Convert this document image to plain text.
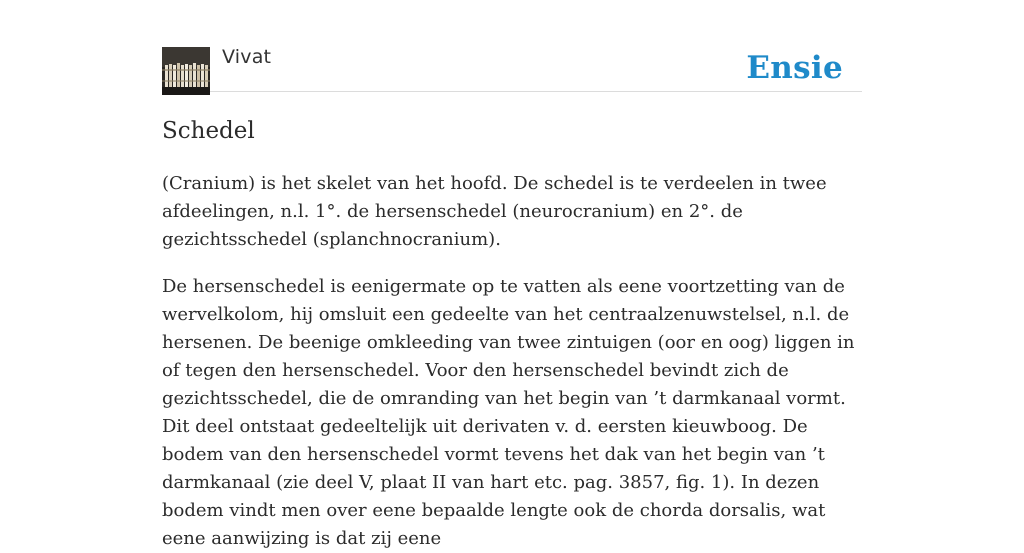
Vivat	Ensie
Schedel

(Cranium) is het skelet van het hoofd. De schedel is te verdeelen in twee afdeelingen, n.l. 1°. de hersenschedel (neurocranium) en 2°. de gezichtsschedel (splanchnocranium).

De hersenschedel is eenigermate op te vatten als eene voortzetting van de wervelkolom, hij omsluit een gedeelte van het centraalzenuwstelsel, n.l. de hersenen. De beenige omkleeding van twee zintuigen (oor en oog) liggen in of tegen den hersenschedel. Voor den hersenschedel bevindt zich de gezichtsschedel, die de omranding van het begin van ’t darmkanaal vormt. Dit deel ontstaat gedeeltelijk uit derivaten v. d. eersten kieuwboog. De bodem van den hersenschedel vormt tevens het dak van het begin van ’t darmkanaal (zie deel V, plaat II van hart etc. pag. 3857, fig. 1). In dezen bodem vindt men over eene bepaalde lengte ook de chorda dorsalis, wat eene aanwijzing is dat zij eene
